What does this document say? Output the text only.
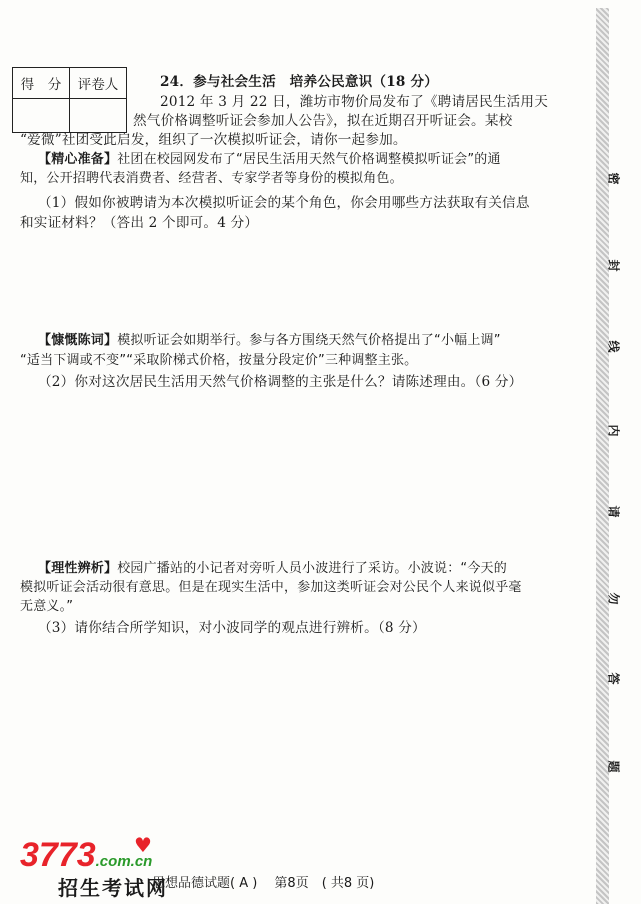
得　分	评卷人
		24．参与社会生活　培养公民意识（18 分）
2012 年 3 月 22 日，潍坊市物价局发布了《聘请居民生活用天
然气价格调整听证会参加人公告》，拟在近期召开听证会。某校
“爱微”社团受此启发，组织了一次模拟听证会，请你一起参加。
【精心准备】社团在校园网发布了“居民生活用天然气价格调整模拟听证会”的通
知，公开招聘代表消费者、经营者、专家学者等身份的模拟角色。
（1）假如你被聘请为本次模拟听证会的某个角色，你会用哪些方法获取有关信息
和实证材料？（答出 2 个即可。4 分）
【慷慨陈词】模拟听证会如期举行。参与各方围绕天然气价格提出了“小幅上调”
“适当下调或不变”“采取阶梯式价格，按量分段定价”三种调整主张。
（2）你对这次居民生活用天然气价格调整的主张是什么？请陈述理由。（6 分）
【理性辨析】校园广播站的小记者对旁听人员小波进行了采访。小波说：“今天的
模拟听证会活动很有意思。但是在现实生活中，参加这类听证会对公民个人来说似乎毫
无意义。”
（3）请你结合所学知识，对小波同学的观点进行辨析。（8 分）
密
封
线
内
请
勿
答
题
3773.com.cn
♥
思想品德试题( A )　 第8页　( 共8 页)
招生考试网
